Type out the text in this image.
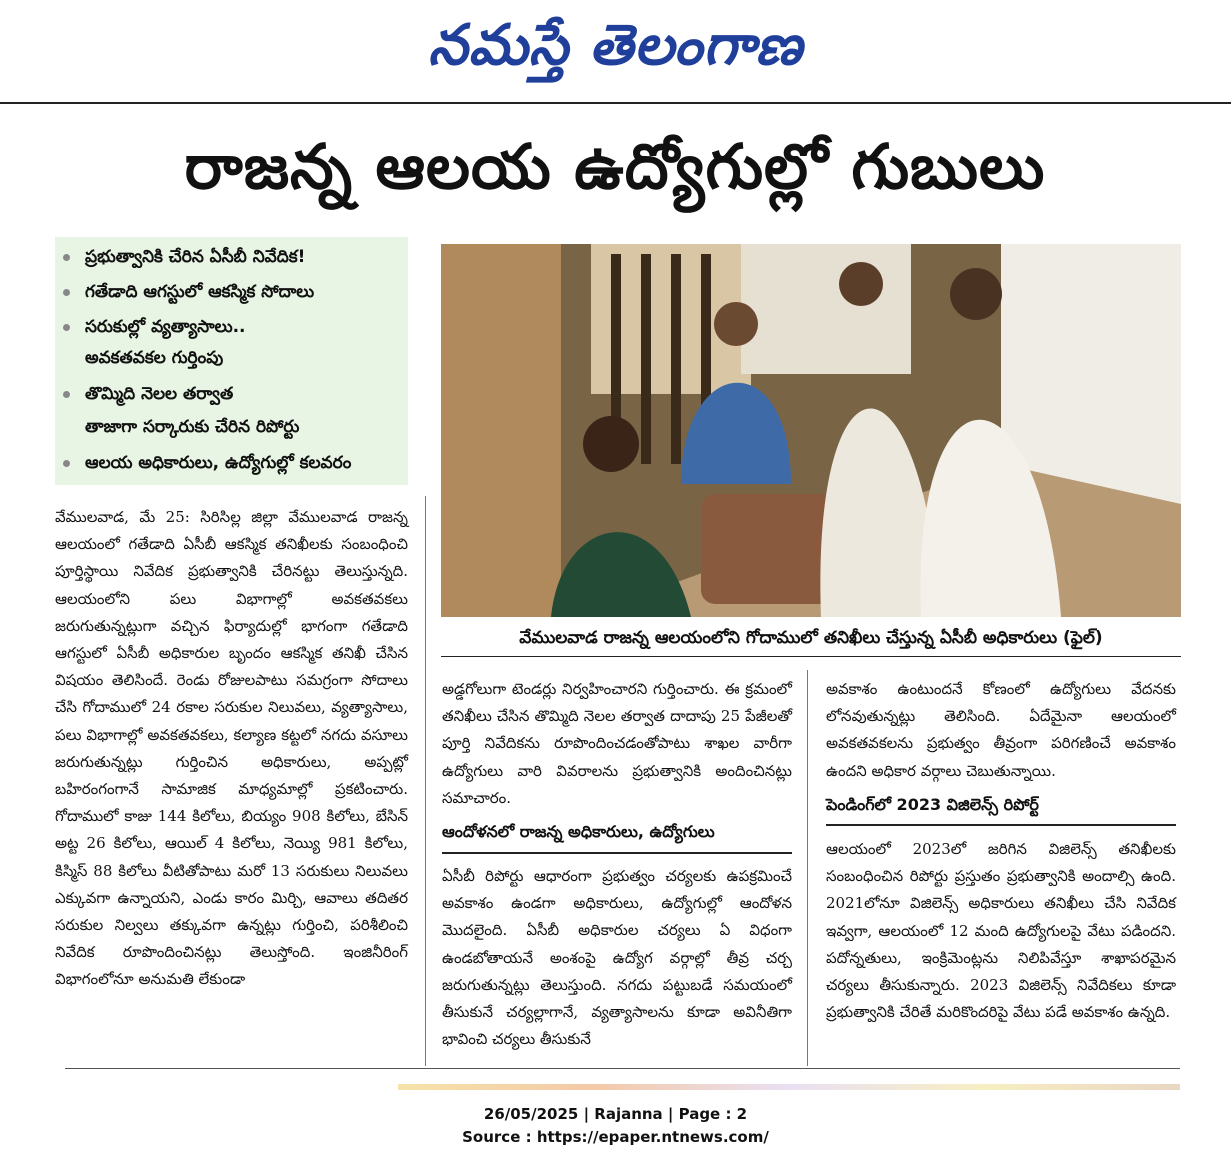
నమస్తే తెలంగాణ
రాజన్న ఆలయ ఉద్యోగుల్లో గుబులు
ప్రభుత్వానికి చేరిన ఏసీబీ నివేదిక!
గతేడాది ఆగస్టులో ఆకస్మిక సోదాలు
సరుకుల్లో వ్యత్యాసాలు..
అవకతవకల గుర్తింపు
తొమ్మిది నెలల తర్వాత
తాజాగా సర్కారుకు చేరిన రిపోర్టు
ఆలయ అధికారులు, ఉద్యోగుల్లో కలవరం
వేములవాడ రాజన్న ఆలయంలోని గోదాములో తనిఖీలు చేస్తున్న ఏసీబీ అధికారులు (ఫైల్)

వేములవాడ, మే 25: సిరిసిల్ల జిల్లా వేములవాడ రాజన్న ఆలయంలో గతేడాది ఏసీబీ ఆకస్మిక తనిఖీలకు సంబంధించి పూర్తిస్థాయి నివేదిక ప్రభుత్వానికి చేరినట్టు తెలుస్తున్నది. ఆలయంలోని పలు విభాగాల్లో అవకతవకలు జరుగుతున్నట్లుగా వచ్చిన ఫిర్యాదుల్లో భాగంగా గతేడాది ఆగస్టులో ఏసీబీ అధికారుల బృందం ఆకస్మిక తనిఖీ చేసిన విషయం తెలిసిందే. రెండు రోజులపాటు సమగ్రంగా సోదాలు చేసి గోదాములో 24 రకాల సరుకుల నిలువలు, వ్యత్యాసాలు, పలు విభాగాల్లో అవకతవకలు, కల్యాణ కట్టలో నగదు వసూలు జరుగుతున్నట్లు గుర్తించిన అధికారులు, అప్పట్లో బహిరంగంగానే సామాజిక మాధ్యమాల్లో ప్రకటించారు. గోదాములో కాజు 144 కిలోలు, బియ్యం 908 కిలోలు, బేసిన్ అట్ట 26 కిలోలు, ఆయిల్ 4 కిలోలు, నెయ్యి 981 కిలోలు, కిస్మిస్ 88 కిలోలు వీటితోపాటు మరో 13 సరుకులు నిలువలు ఎక్కువగా ఉన్నాయని, ఎండు కారం మిర్చి, ఆవాలు తదితర సరుకుల నిల్వలు తక్కువగా ఉన్నట్లు గుర్తించి, పరిశీలించి నివేదిక రూపొందించినట్లు తెలుస్తోంది. ఇంజినీరింగ్ విభాగంలోనూ అనుమతి లేకుండా

అడ్డగోలుగా టెండర్లు నిర్వహించారని గుర్తించారు. ఈ క్రమంలో తనిఖీలు చేసిన తొమ్మిది నెలల తర్వాత దాదాపు 25 పేజీలతో పూర్తి నివేదికను రూపొందించడంతోపాటు శాఖల వారీగా ఉద్యోగులు వారి వివరాలను ప్రభుత్వానికి అందించినట్లు సమాచారం.

ఆందోళనలో రాజన్న అధికారులు, ఉద్యోగులు

ఏసీబీ రిపోర్టు ఆధారంగా ప్రభుత్వం చర్యలకు ఉపక్రమించే అవకాశం ఉండగా అధికారులు, ఉద్యోగుల్లో ఆందోళన మొదలైంది. ఏసీబీ అధికారుల చర్యలు ఏ విధంగా ఉండబోతాయనే అంశంపై ఉద్యోగ వర్గాల్లో తీవ్ర చర్చ జరుగుతున్నట్లు తెలుస్తుంది. నగదు పట్టుబడే సమయంలో తీసుకునే చర్యల్లాగానే, వ్యత్యాసాలను కూడా అవినీతిగా భావించి చర్యలు తీసుకునే

అవకాశం ఉంటుందనే కోణంలో ఉద్యోగులు వేదనకు లోనవుతున్నట్లు తెలిసింది. ఏదేమైనా ఆలయంలో అవకతవకలను ప్రభుత్వం తీవ్రంగా పరిగణించే అవకాశం ఉందని అధికార వర్గాలు చెబుతున్నాయి.

పెండింగ్‌లో 2023 విజిలెన్స్ రిపోర్ట్

ఆలయంలో 2023లో జరిగిన విజిలెన్స్ తనిఖీలకు సంబంధించిన రిపోర్టు ప్రస్తుతం ప్రభుత్వానికి అందాల్సి ఉంది. 2021లోనూ విజిలెన్స్ అధికారులు తనిఖీలు చేసి నివేదిక ఇవ్వగా, ఆలయంలో 12 మంది ఉద్యోగులపై వేటు పడిందని. పదోన్నతులు, ఇంక్రిమెంట్లను నిలిపివేస్తూ శాఖాపరమైన చర్యలు తీసుకున్నారు. 2023 విజిలెన్స్ నివేదికలు కూడా ప్రభుత్వానికి చేరితే మరికొందరిపై వేటు పడే అవకాశం ఉన్నది.

26/05/2025 | Rajanna | Page : 2
Source : https://epaper.ntnews.com/
